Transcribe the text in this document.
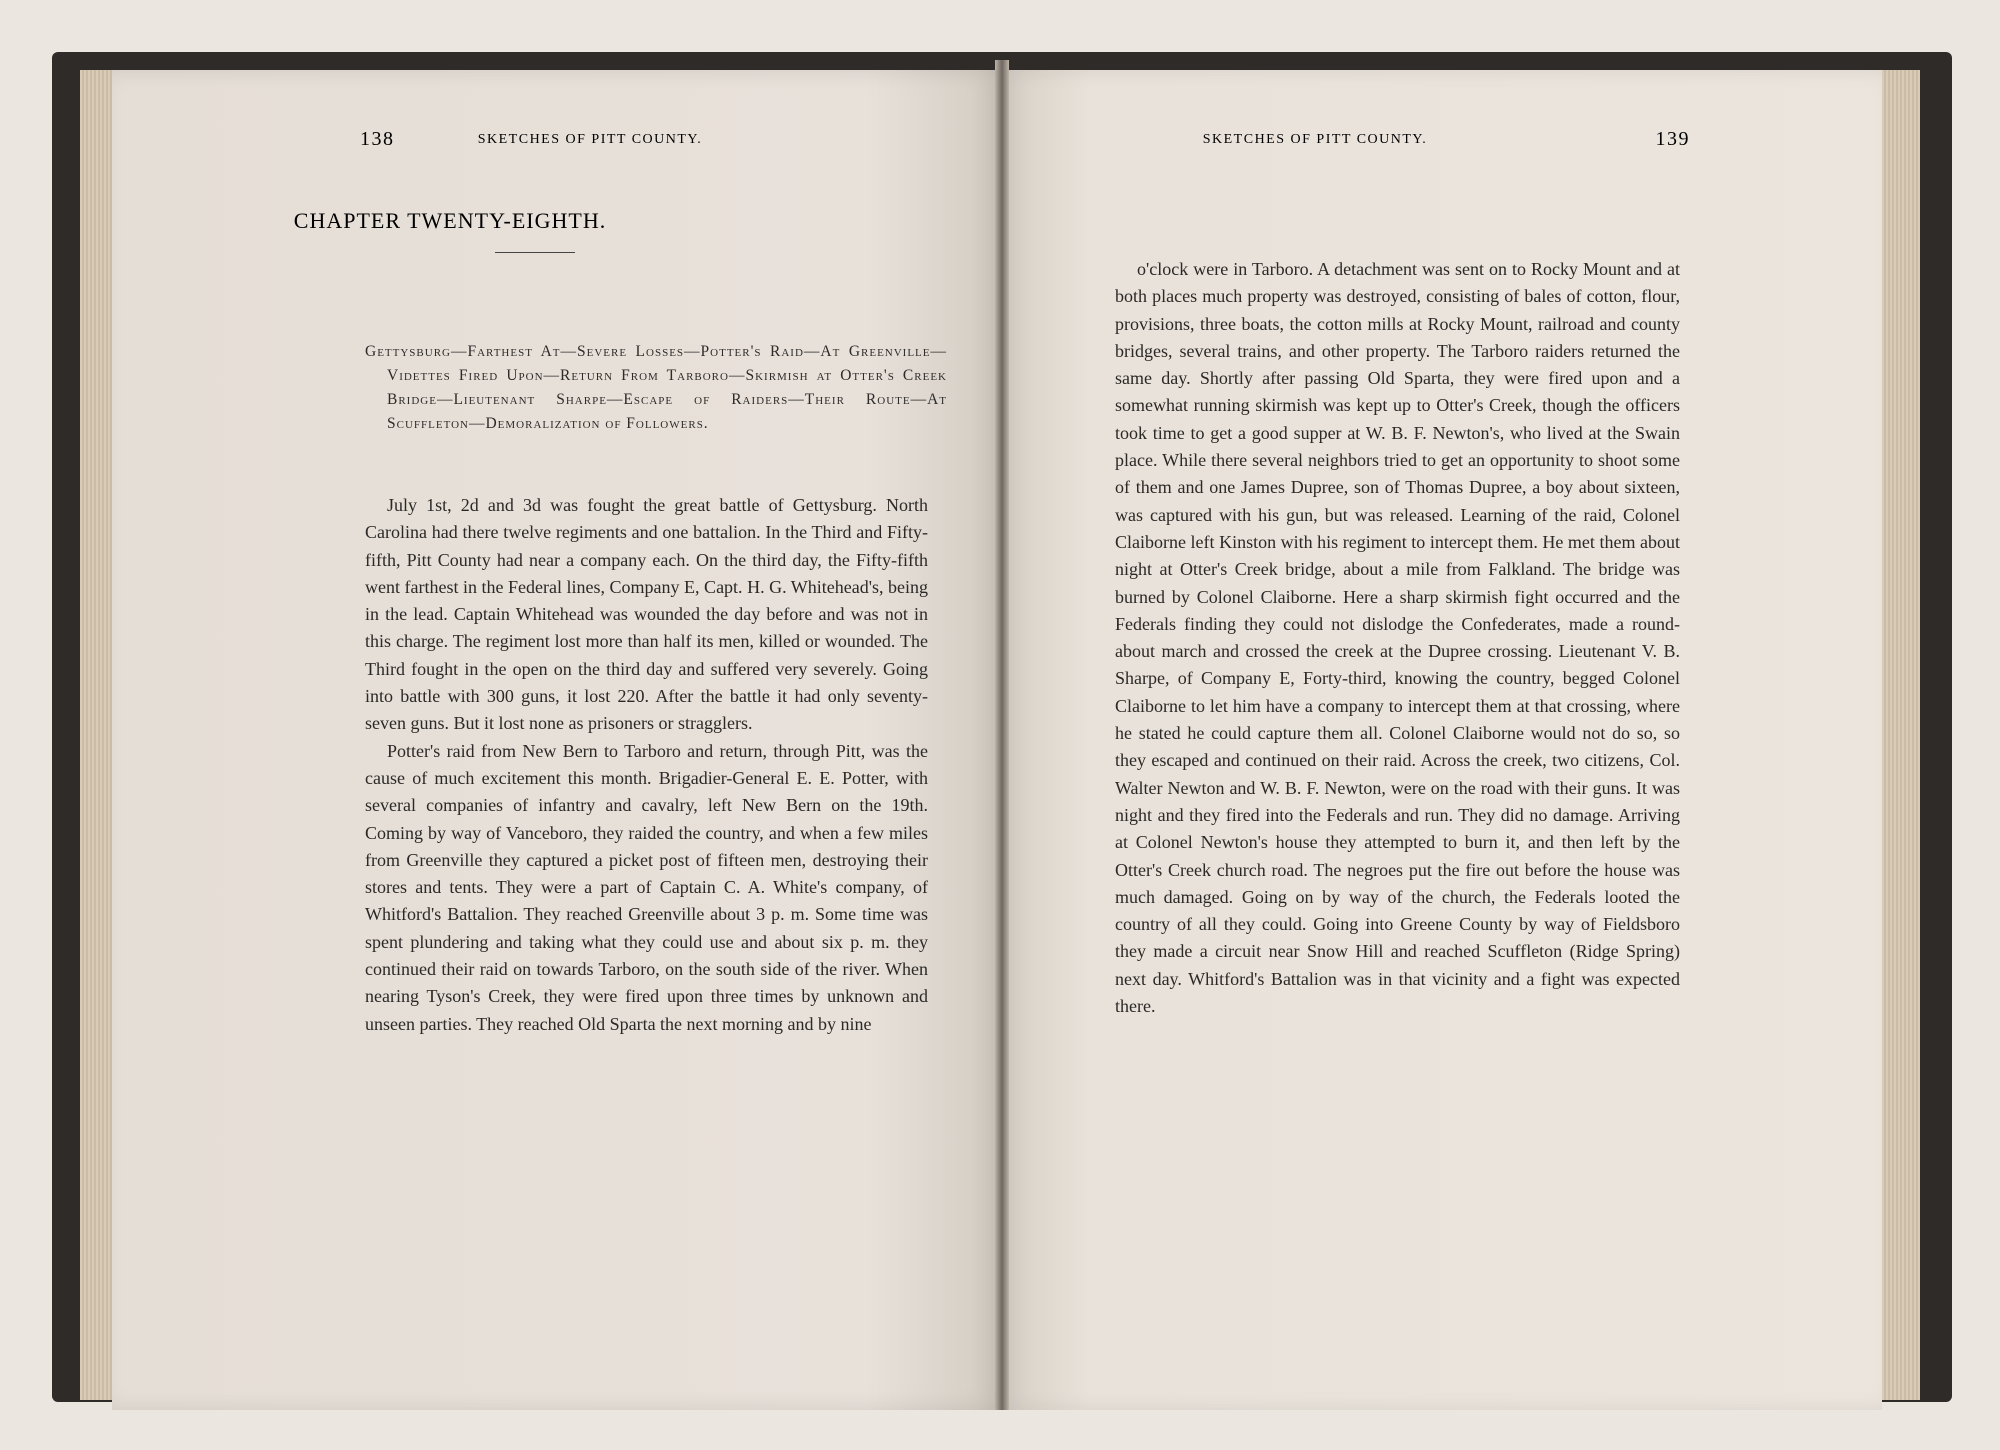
138	SKETCHES OF PITT COUNTY.
CHAPTER TWENTY-EIGHTH.
Gettysburg—Farthest At—Severe Losses—Potter's Raid—At Greenville—Videttes Fired Upon—Return From Tarboro—Skirmish at Otter's Creek Bridge—Lieutenant Sharpe—Escape of Raiders—Their Route—At Scuffleton—Demoralization of Followers.

July 1st, 2d and 3d was fought the great battle of Gettysburg. North Carolina had there twelve regiments and one battalion. In the Third and Fifty-fifth, Pitt County had near a company each. On the third day, the Fifty-fifth went farthest in the Federal lines, Company E, Capt. H. G. Whitehead's, being in the lead. Captain Whitehead was wounded the day before and was not in this charge. The regiment lost more than half its men, killed or wounded. The Third fought in the open on the third day and suffered very severely. Going into battle with 300 guns, it lost 220. After the battle it had only seventy-seven guns. But it lost none as prisoners or stragglers.

Potter's raid from New Bern to Tarboro and return, through Pitt, was the cause of much excitement this month. Brigadier-General E. E. Potter, with several companies of infantry and cavalry, left New Bern on the 19th. Coming by way of Vanceboro, they raided the country, and when a few miles from Greenville they captured a picket post of fifteen men, destroying their stores and tents. They were a part of Captain C. A. White's company, of Whitford's Battalion. They reached Greenville about 3 p. m. Some time was spent plundering and taking what they could use and about six p. m. they continued their raid on towards Tarboro, on the south side of the river. When nearing Tyson's Creek, they were fired upon three times by unknown and unseen parties. They reached Old Sparta the next morning and by nine

SKETCHES OF PITT COUNTY.	139

o'clock were in Tarboro. A detachment was sent on to Rocky Mount and at both places much property was destroyed, consisting of bales of cotton, flour, provisions, three boats, the cotton mills at Rocky Mount, railroad and county bridges, several trains, and other property. The Tarboro raiders returned the same day. Shortly after passing Old Sparta, they were fired upon and a somewhat running skirmish was kept up to Otter's Creek, though the officers took time to get a good supper at W. B. F. Newton's, who lived at the Swain place. While there several neighbors tried to get an opportunity to shoot some of them and one James Dupree, son of Thomas Dupree, a boy about sixteen, was captured with his gun, but was released. Learning of the raid, Colonel Claiborne left Kinston with his regiment to intercept them. He met them about night at Otter's Creek bridge, about a mile from Falkland. The bridge was burned by Colonel Claiborne. Here a sharp skirmish fight occurred and the Federals finding they could not dislodge the Confederates, made a round-about march and crossed the creek at the Dupree crossing. Lieutenant V. B. Sharpe, of Company E, Forty-third, knowing the country, begged Colonel Claiborne to let him have a company to intercept them at that crossing, where he stated he could capture them all. Colonel Claiborne would not do so, so they escaped and continued on their raid. Across the creek, two citizens, Col. Walter Newton and W. B. F. Newton, were on the road with their guns. It was night and they fired into the Federals and run. They did no damage. Arriving at Colonel Newton's house they attempted to burn it, and then left by the Otter's Creek church road. The negroes put the fire out before the house was much damaged. Going on by way of the church, the Federals looted the country of all they could. Going into Greene County by way of Fieldsboro they made a circuit near Snow Hill and reached Scuffleton (Ridge Spring) next day. Whitford's Battalion was in that vicinity and a fight was expected there.
